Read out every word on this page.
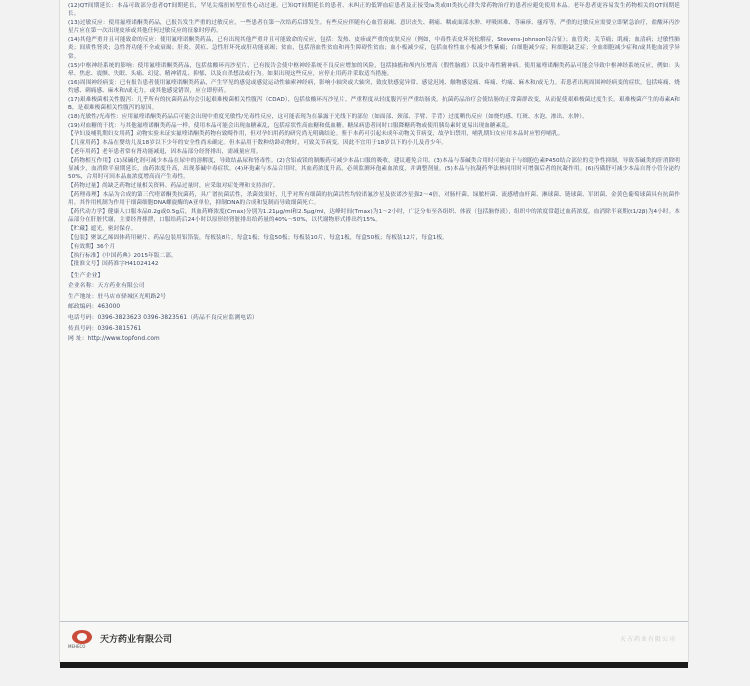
(12)QT间期延长：本品可致部分患者QT间期延长，罕见尖端扭转型室性心动过速。已知QT间期延长的患者、未纠正的低钾血症患者及正接受Ia类或III类抗心律失常药物治疗的患者应避免使用本品。老年患者更容易发生药物相关的QT间期延长。

(13)过敏反应：使用氟喹诺酮类药品，已报告发生严重的过敏反应，一些患者在第一次给药后即发生。有些反应伴随有心血管衰竭、意识丧失、刺痛、咽或面部水肿、呼吸困难、荨麻疹、瘙痒等。严重的过敏反应需要立即紧急治疗，盐酸环丙沙星片应在第一次出现皮疹或其他任何过敏反应的征象时停药。

(14)其他严重并且可能致命的反应：使用氟喹诺酮类药品，已有出现其他严重并且可能致命的反应，包括：发热、皮疹或严重的皮肤反应（例如，中毒性表皮坏死松解症，Stevens-Johnson综合征）；血管炎；关节痛；肌痛；血清病；过敏性肺炎；间质性肾炎；急性肾功能不全或衰竭；肝炎、黄疸、急性肝坏死或肝功能衰竭；贫血，包括溶血性贫血和再生障碍性贫血；血小板减少症，包括血栓性血小板减少性紫癜；白细胞减少症；粒细胞缺乏症；全血细胞减少症和/或其他血液学异常。

(15)中枢神经系统的影响：使用氟喹诺酮类药品，包括盐酸环丙沙星片，已有报告会使中枢神经系统不良反应增加的风险，包括抽搐和颅内压增高（假性脑瘤）以及中毒性精神病。使用氟喹诺酮类药品可能会导致中枢神经系统反应，例如：头晕、焦虑、震颤、失眠、头痛、幻觉、精神错乱、抑郁，以及自杀想法或行为。如果出现这些反应，应停止用药并采取适当措施。

(16)周围神经病变：已有报告患者使用氟喹诺酮类药品，产生罕见的感觉或感觉运动性轴索神经病，影响小轴突或大轴突，致皮肤感觉异常、感觉迟钝、触物感觉痛、疼痛、灼痛、麻木和/或无力。若患者出现周围神经病变的症状，包括疼痛、烧灼感、刺痛感、麻木和/或无力，或其他感觉错误，应立即停药。

(17)艰难梭菌相关性腹泻：几乎所有的抗菌药品均会引起艰难梭菌相关性腹泻（CDAD），包括盐酸环丙沙星片，严重程度从轻度腹泻至严重结肠炎。抗菌药品治疗会使结肠的正常菌群改变，从而促使艰难梭菌过度生长。艰难梭菌产生的毒素A和B，是艰难梭菌相关性腹泻的原因。

(18)光敏性/光毒性：应用氟喹诺酮类药品后可能会出现中重度光敏性/光毒性反应，这可能表现为在暴露于光线下的部位（如面部、颈部、手臂、手背）过度晒伤反应（如烧灼感、红斑、水泡、渗出、水肿）。

(19)对血糖的干扰：与其他氟喹诺酮类药品一样，使用本品可能会出现血糖紊乱，包括症状性高血糖和低血糖。糖尿病患者同时口服降糖药物或使用胰岛素时更易出现血糖紊乱。

【孕妇及哺乳期妇女用药】动物实验未证实氟喹诺酮类药物有致畸作用，但对孕妇用药的研究尚无明确结论。鉴于本药可引起未成年动物关节病变，故孕妇禁用，哺乳期妇女应用本品时应暂停哺乳。

【儿童用药】本品在婴幼儿及18岁以下少年的安全性尚未确定。但本品用于数种幼龄动物时，可致关节病变。因此不宜用于18岁以下的小儿及青少年。

【老年用药】老年患者常有肾功能减退，因本品部分经肾排出，需减量应用。

【药物相互作用】(1)尿碱化剂可减少本品在尿中的溶解度，导致结晶尿和肾毒性。(2)含铝或镁的制酸药可减少本品口服的吸收，建议避免合用。(3)本品与茶碱类合用时可能由于与细胞色素P450结合部位的竞争性抑制，导致茶碱类的肝消除明显减少，血消除半衰期延长，血药浓度升高，出现茶碱中毒症状。(4)环孢素与本品合用时，其血药浓度升高，必须监测环孢素血浓度，并调整剂量。(5)本品与抗凝药华法林同用时可增强后者的抗凝作用。(6)丙磺舒可减少本品自肾小管分泌约50%，合用时可因本品血浓度增高而产生毒性。

【药物过量】尚缺乏药物过量相关资料。药品过量时，应采取对症处理和支持治疗。

【药理毒理】本品为合成的第三代喹诺酮类抗菌药，具广谱抗菌活性，杀菌效果好，几乎对所有细菌的抗菌活性均较诺氟沙星及依诺沙星强2～4倍，对肠杆菌、绿脓杆菌、流感嗜血杆菌、淋球菌、链球菌、军团菌、金黄色葡萄球菌具有抗菌作用。其作用机制为作用于细菌细胞DNA螺旋酶的A亚单位，抑制DNA的合成和复制而导致细菌死亡。

【药代动力学】健康人口服本品0.2g或0.5g后，其血药峰浓度(Cmax)分别为1.21μg/ml和2.5μg/ml，达峰时间(Tmax)为1～2小时，广泛分布至各组织、体液（包括脑脊液），组织中的浓度常超过血药浓度。血消除半衰期(t1/2β)为4小时。本品部分在肝脏代谢，主要经肾排泄，口服给药后24小时以原形经肾脏排出给药量的40%～50%，以代谢物形式排出约15%。

【贮藏】遮光，密封保存。

【包装】聚氯乙烯固体药用硬片、药品包装用铝箔装，每板装8片，每盒1板；每盒50板；每板装10片，每盒1板，每盒50板；每板装12片，每盒1板。

【有效期】36个月

【执行标准】《中国药典》2015年版二部。

【批准文号】国药准字H41024142

【生产企业】
企业名称：天方药业有限公司
生产地址：驻马店市驿城区光明路2号
邮政编码：463000
电话号码：0396-3823623 0396-3823561（药品不良反应监测电话）
传真号码：0396-3815761
网 址：http://www.topfond.com
MEHECO
天方药业有限公司	天方药业有限公司
